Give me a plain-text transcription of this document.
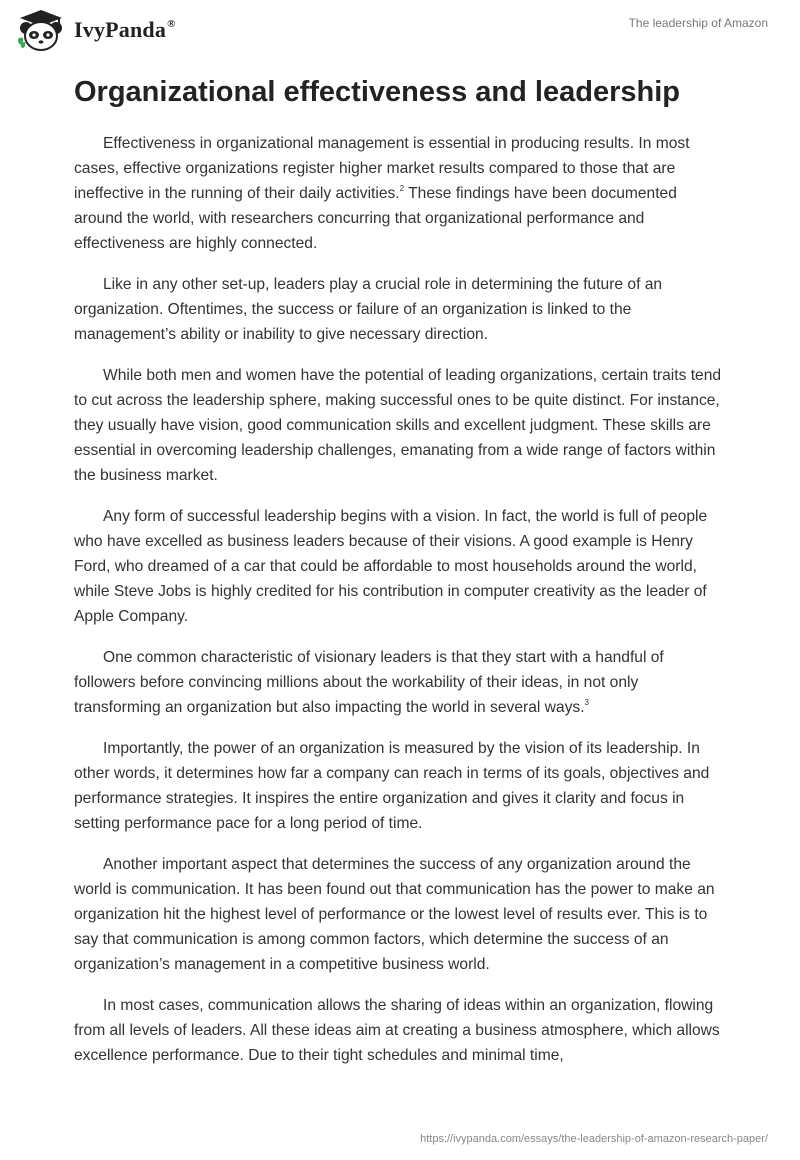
IvyPanda®	The leadership of Amazon
Organizational effectiveness and leadership

Effectiveness in organizational management is essential in producing results. In most cases, effective organizations register higher market results compared to those that are ineffective in the running of their daily activities.$^2$ These findings have been documented around the world, with researchers concurring that organizational performance and effectiveness are highly connected.

Like in any other set-up, leaders play a crucial role in determining the future of an organization. Oftentimes, the success or failure of an organization is linked to the management’s ability or inability to give necessary direction.

While both men and women have the potential of leading organizations, certain traits tend to cut across the leadership sphere, making successful ones to be quite distinct. For instance, they usually have vision, good communication skills and excellent judgment. These skills are essential in overcoming leadership challenges, emanating from a wide range of factors within the business market.

Any form of successful leadership begins with a vision. In fact, the world is full of people who have excelled as business leaders because of their visions. A good example is Henry Ford, who dreamed of a car that could be affordable to most households around the world, while Steve Jobs is highly credited for his contribution in computer creativity as the leader of Apple Company.

One common characteristic of visionary leaders is that they start with a handful of followers before convincing millions about the workability of their ideas, in not only transforming an organization but also impacting the world in several ways.$^3$

Importantly, the power of an organization is measured by the vision of its leadership. In other words, it determines how far a company can reach in terms of its goals, objectives and performance strategies. It inspires the entire organization and gives it clarity and focus in setting performance pace for a long period of time.

Another important aspect that determines the success of any organization around the world is communication. It has been found out that communication has the power to make an organization hit the highest level of performance or the lowest level of results ever. This is to say that communication is among common factors, which determine the success of an organization’s management in a competitive business world.

In most cases, communication allows the sharing of ideas within an organization, flowing from all levels of leaders. All these ideas aim at creating a business atmosphere, which allows excellence performance. Due to their tight schedules and minimal time,

https://ivypanda.com/essays/the-leadership-of-amazon-research-paper/
